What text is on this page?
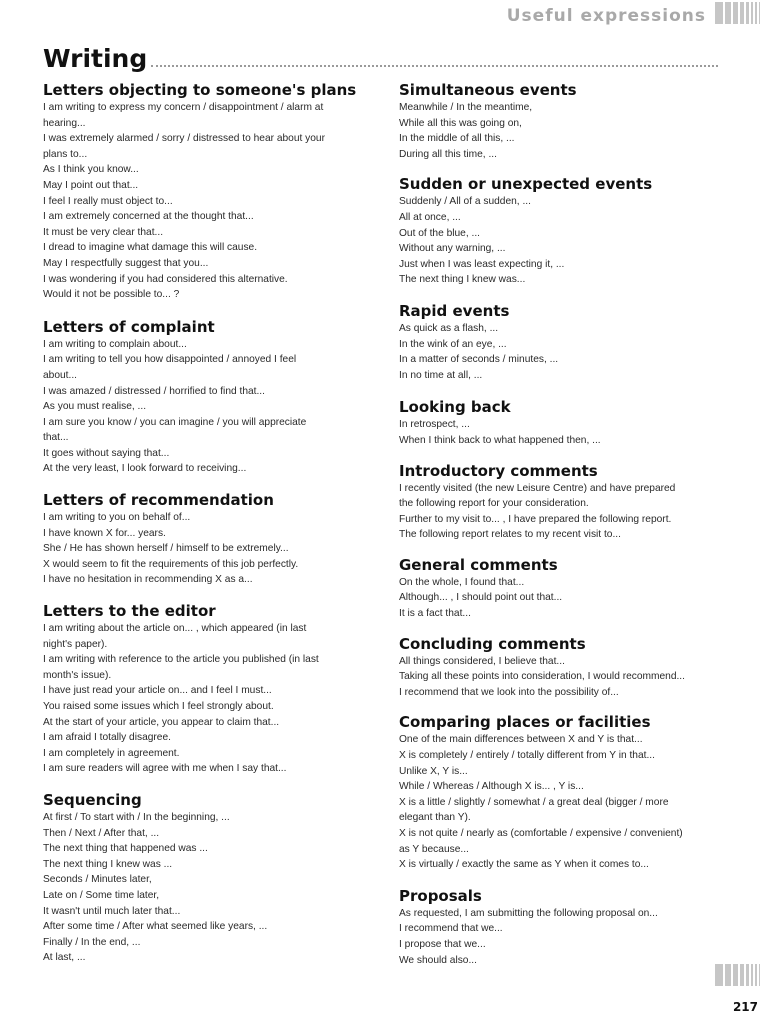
Useful expressions
Writing
Letters objecting to someone's plans

I am writing to express my concern / disappointment / alarm at

hearing...

I was extremely alarmed / sorry / distressed to hear about your

plans to...

As I think you know...

May I point out that...

I feel I really must object to...

I am extremely concerned at the thought that...

It must be very clear that...

I dread to imagine what damage this will cause.

May I respectfully suggest that you...

I was wondering if you had considered this alternative.

Would it not be possible to... ?

Letters of complaint

I am writing to complain about...

I am writing to tell you how disappointed / annoyed I feel

about...

I was amazed / distressed / horrified to find that...

As you must realise, ...

I am sure you know / you can imagine / you will appreciate

that...

It goes without saying that...

At the very least, I look forward to receiving...

Letters of recommendation

I am writing to you on behalf of...

I have known X for... years.

She / He has shown herself / himself to be extremely...

X would seem to fit the requirements of this job perfectly.

I have no hesitation in recommending X as a...

Letters to the editor

I am writing about the article on... , which appeared (in last

night's paper).

I am writing with reference to the article you published (in last

month's issue).

I have just read your article on... and I feel I must...

You raised some issues which I feel strongly about.

At the start of your article, you appear to claim that...

I am afraid I totally disagree.

I am completely in agreement.

I am sure readers will agree with me when I say that...

Sequencing

At first / To start with / In the beginning, ...

Then / Next / After that, ...

The next thing that happened was ...

The next thing I knew was ...

Seconds / Minutes later,

Late on / Some time later,

It wasn't until much later that...

After some time / After what seemed like years, ...

Finally / In the end, ...

At last, ...

Simultaneous events

Meanwhile / In the meantime,

While all this was going on,

In the middle of all this, ...

During all this time, ...

Sudden or unexpected events

Suddenly / All of a sudden, ...

All at once, ...

Out of the blue, ...

Without any warning, ...

Just when I was least expecting it, ...

The next thing I knew was...

Rapid events

As quick as a flash, ...

In the wink of an eye, ...

In a matter of seconds / minutes, ...

In no time at all, ...

Looking back

In retrospect, ...

When I think back to what happened then, ...

Introductory comments

I recently visited (the new Leisure Centre) and have prepared

the following report for your consideration.

Further to my visit to... , I have prepared the following report.

The following report relates to my recent visit to...

General comments

On the whole, I found that...

Although... , I should point out that...

It is a fact that...

Concluding comments

All things considered, I believe that...

Taking all these points into consideration, I would recommend...

I recommend that we look into the possibility of...

Comparing places or facilities

One of the main differences between X and Y is that...

X is completely / entirely / totally different from Y in that...

Unlike X, Y is...

While / Whereas / Although X is... , Y is...

X is a little / slightly / somewhat / a great deal (bigger / more

elegant than Y).

X is not quite / nearly as (comfortable / expensive / convenient)

as Y because...

X is virtually / exactly the same as Y when it comes to...

Proposals

As requested, I am submitting the following proposal on...

I recommend that we...

I propose that we...

We should also...

217
